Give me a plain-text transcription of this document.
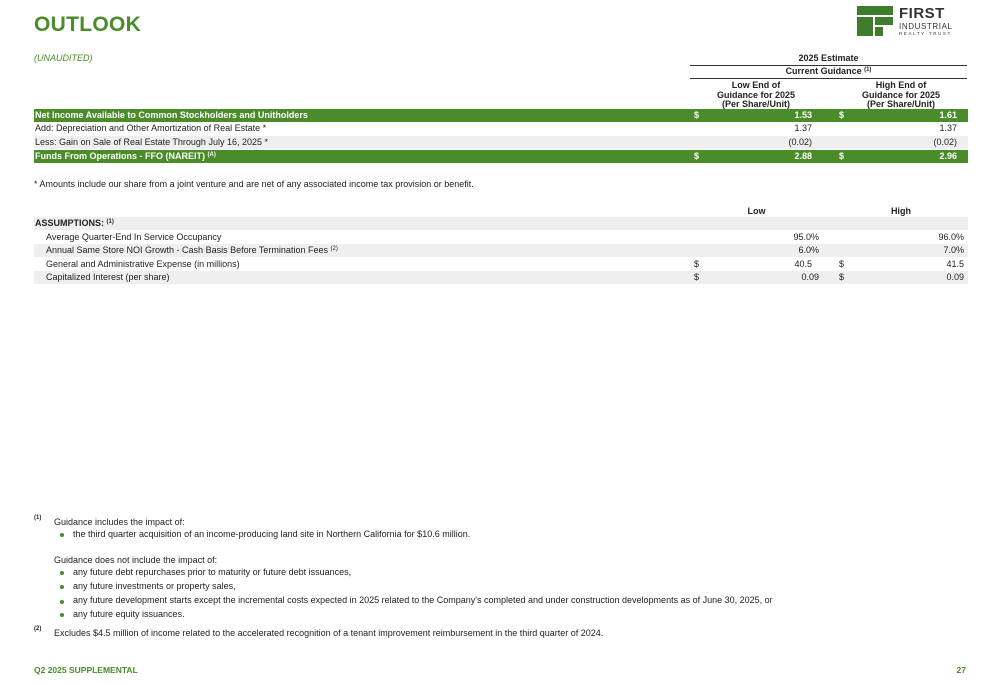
OUTLOOK
(UNAUDITED)
FIRST
INDUSTRIAL
REALTY·TRUST
2025 Estimate
Current Guidance $^{(1)}$
Low End of
Guidance for 2025
(Per Share/Unit)
High End of
Guidance for 2025
(Per Share/Unit)
Net Income Available to Common Stockholders and Unitholders	$	1.53	$	1.61
Add: Depreciation and Other Amortization of Real Estate *	1.37	1.37
Less: Gain on Sale of Real Estate Through July 16, 2025 *	(0.02)	(0.02)
Funds From Operations - FFO (NAREIT) $^{(A)}$	$	2.88	$	2.96
* Amounts include our share from a joint venture and are net of any associated income tax provision or benefit.
Low	High
ASSUMPTIONS: $^{(1)}$
Average Quarter-End In Service Occupancy	95.0%	96.0%
Annual Same Store NOI Growth - Cash Basis Before Termination Fees $^{(2)}$	6.0%	7.0%
General and Administrative Expense (in millions)	$	40.5	$	41.5
Capitalized Interest (per share)	$	0.09 $	0.09
(1) Guidance includes the impact of:
the third quarter acquisition of an income-producing land site in Northern California for $10.6 million.
Guidance does not include the impact of:
any future debt repurchases prior to maturity or future debt issuances,
any future investments or property sales,
any future development starts except the incremental costs expected in 2025 related to the Company's completed and under construction developments as of June 30, 2025, or
any future equity issuances.
(2) Excludes $4.5 million of income related to the accelerated recognition of a tenant improvement reimbursement in the third quarter of 2024.
Q2 2025 SUPPLEMENTAL	27
